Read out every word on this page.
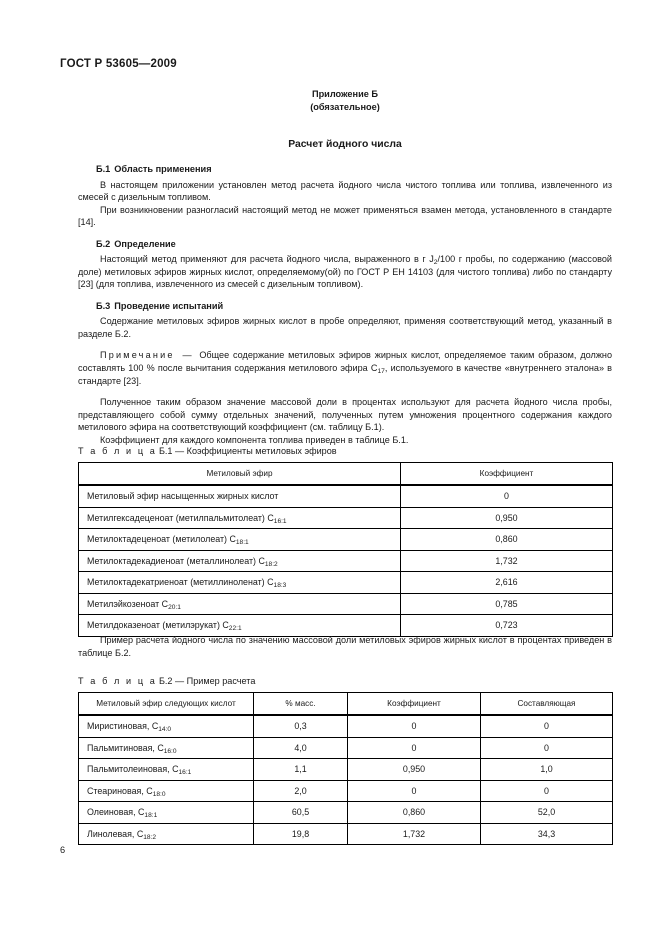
ГОСТ Р 53605—2009
Приложение Б
(обязательное)
Расчет йодного числа
Б.1 Область применения

В настоящем приложении установлен метод расчета йодного числа чистого топлива или топлива, извлеченного из смесей с дизельным топливом.

При возникновении разногласий настоящий метод не может применяться взамен метода, установленного в стандарте [14].

Б.2 Определение

Настоящий метод применяют для расчета йодного числа, выраженного в г $J_2/100$ г пробы, по содержанию (массовой доле) метиловых эфиров жирных кислот, определяемому(ой) по ГОСТ Р ЕН 14103 (для чистого топлива) либо по стандарту [23] (для топлива, извлеченного из смесей с дизельным топливом).

Б.3 Проведение испытаний

Содержание метиловых эфиров жирных кислот в пробе определяют, применяя соответствующий метод, указанный в разделе Б.2.

Примечание — Общее содержание метиловых эфиров жирных кислот, определяемое таким образом, должно составлять 100 % после вычитания содержания метилового эфира $C_{17}$, используемого в качестве «внутреннего эталона» в стандарте [23].

Полученное таким образом значение массовой доли в процентах используют для расчета йодного числа пробы, представляющего собой сумму отдельных значений, полученных путем умножения процентного содержания каждого метилового эфира на соответствующий коэффициент (см. таблицу Б.1).

Коэффициент для каждого компонента топлива приведен в таблице Б.1.

Т а б л и ц а Б.1 — Коэффициенты метиловых эфиров

Метиловый эфир	Коэффициент
Метиловый эфир насыщенных жирных кислот	0
Метилгексадеценоат (метилпальмитолеат) $C_{16:1}$	0,950
Метилоктадеценоат (метилолеат) $C_{18:1}$	0,860
Метилоктадекадиеноат (металлинолеат) $C_{18:2}$	1,732
Метилоктадекатриеноат (метиллиноленат) $C_{18:3}$	2,616
Метилэйкозеноат $C_{20:1}$	0,785
Метилдоказеноат (метилэрукат) $C_{22:1}$	0,723

Пример расчета йодного числа по значению массовой доли метиловых эфиров жирных кислот в процентах приведен в таблице Б.2.

Т а б л и ц а Б.2 — Пример расчета

Метиловый эфир следующих кислот	% масс.	Коэффициент	Составляющая
Миристиновая, $C_{14:0}$	0,3	0	0
Пальмитиновая, $C_{16:0}$	4,0	0	0
Пальмитолеиновая, $C_{16:1}$	1,1	0,950	1,0
Стеариновая, $C_{18:0}$	2,0	0	0
Олеиновая, $C_{18:1}$	60,5	0,860	52,0
Линолевая, $C_{18:2}$	19,8	1,732	34,3
6
